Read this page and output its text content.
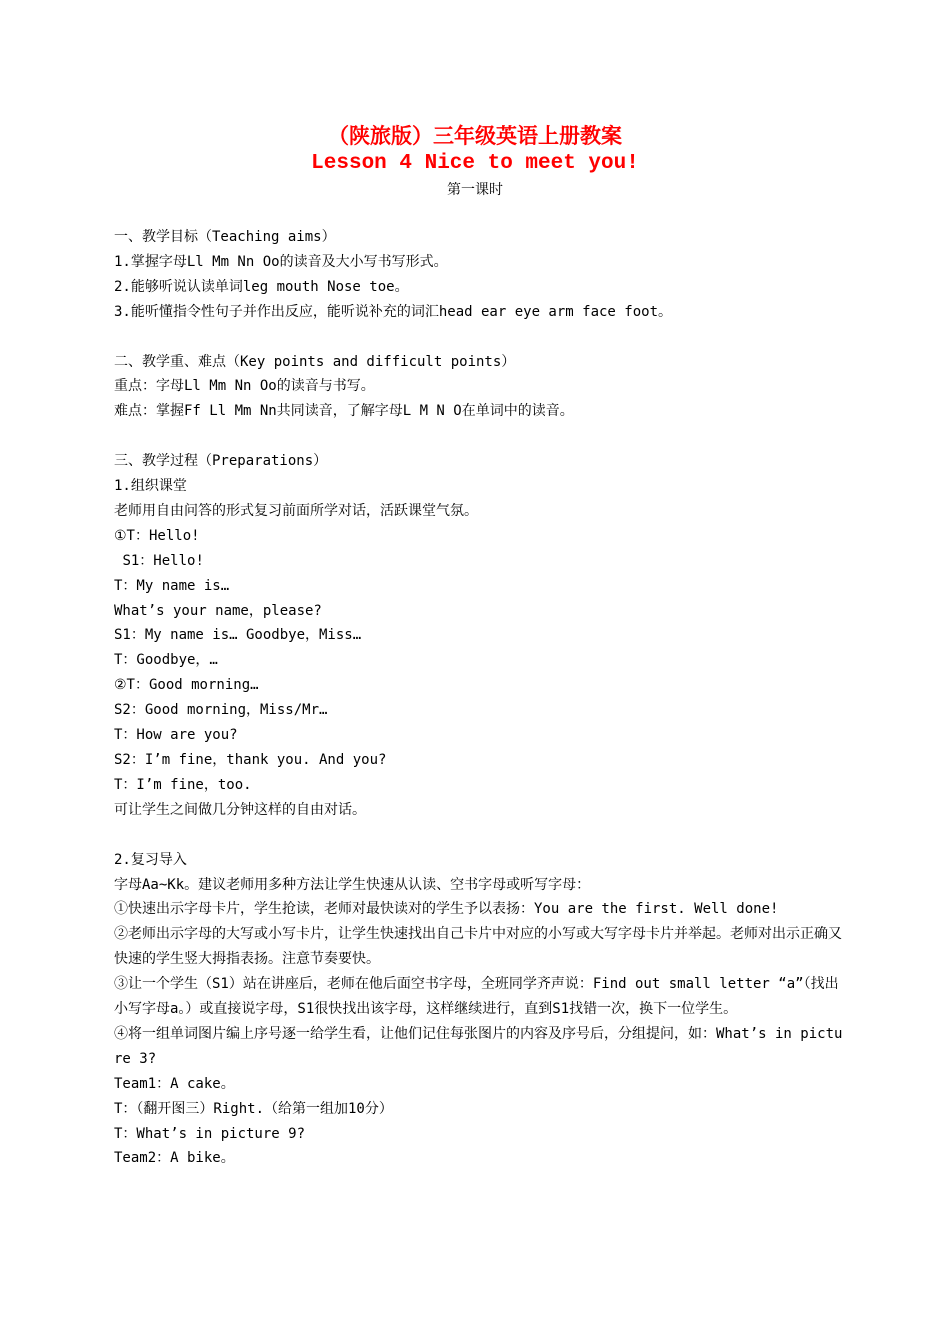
（陕旅版）三年级英语上册教案
Lesson 4 Nice to meet you!
第一课时
一、教学目标（Teaching aims）
1.掌握字母Ll Mm Nn Oo的读音及大小写书写形式。
2.能够听说认读单词leg mouth Nose toe。
3.能听懂指令性句子并作出反应，能听说补充的词汇head ear eye arm face foot。
二、教学重、难点（Key points and difficult points）
重点：字母Ll Mm Nn Oo的读音与书写。
难点：掌握Ff Ll Mm Nn共同读音，了解字母L M N O在单词中的读音。
三、教学过程（Preparations）
1.组织课堂
老师用自由问答的形式复习前面所学对话，活跃课堂气氛。
①T：Hello!
S1：Hello!
T：My name is…
What’s your name，please?
S1：My name is… Goodbye，Miss…
T：Goodbye，…
②T：Good morning…
S2：Good morning，Miss/Mr…
T：How are you?
S2：I’m fine，thank you. And you?
T：I’m fine，too.
可让学生之间做几分钟这样的自由对话。
2.复习导入
字母Aa~Kk。建议老师用多种方法让学生快速从认读、空书字母或听写字母：
①快速出示字母卡片，学生抢读，老师对最快读对的学生予以表扬：You are the first. Well done!
②老师出示字母的大写或小写卡片，让学生快速找出自己卡片中对应的小写或大写字母卡片并举起。老师对出示正确又快速的学生竖大拇指表扬。注意节奏要快。
③让一个学生（S1）站在讲座后，老师在他后面空书字母，全班同学齐声说：Find out small letter “a”（找出小写字母a。）或直接说字母，S1很快找出该字母，这样继续进行，直到S1找错一次，换下一位学生。
④将一组单词图片编上序号逐一给学生看，让他们记住每张图片的内容及序号后，分组提问，如：What’s in picture 3?
Team1：A cake。
T：（翻开图三）Right.（给第一组加10分）
T：What’s in picture 9?
Team2：A bike。
